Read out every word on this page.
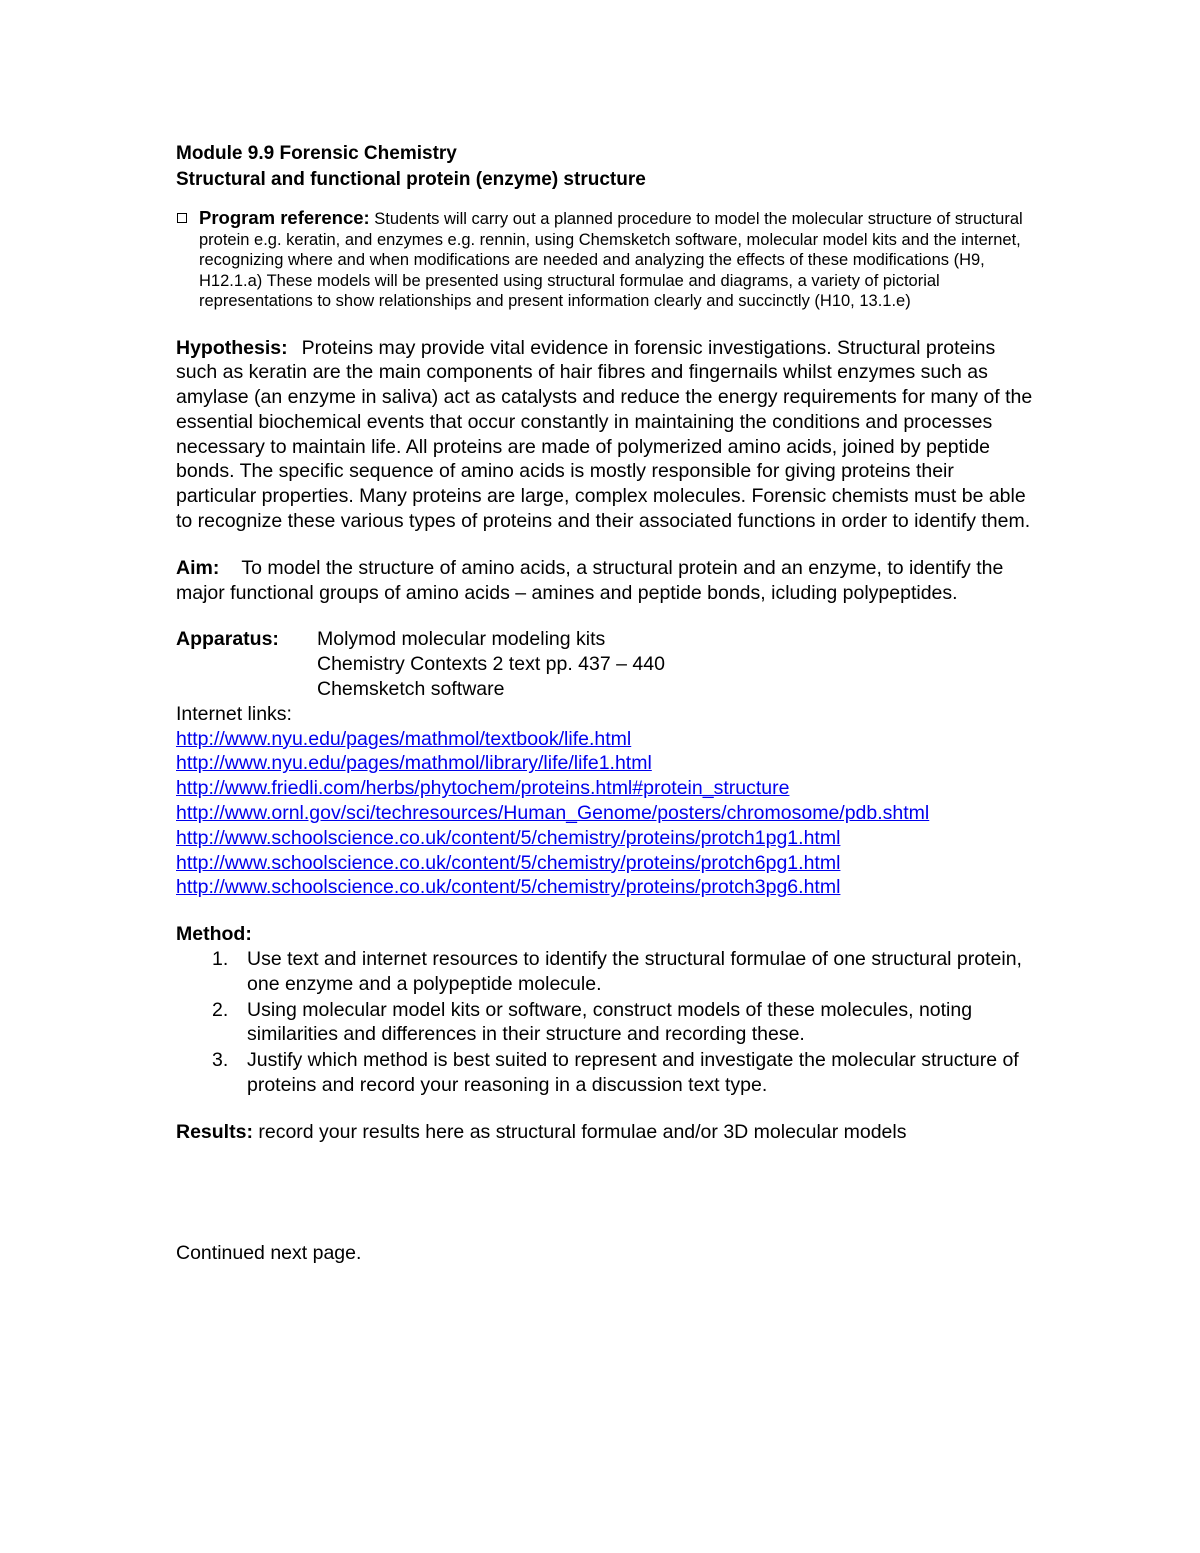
Module 9.9 Forensic Chemistry

Structural and functional protein (enzyme) structure

Program reference: Students will carry out a planned procedure to model the molecular structure of structural protein e.g. keratin, and enzymes e.g. rennin, using Chemsketch software, molecular model kits and the internet, recognizing where and when modifications are needed and analyzing the effects of these modifications (H9, H12.1.a) These models will be presented using structural formulae and diagrams, a variety of pictorial representations to show relationships and present information clearly and succinctly (H10, 13.1.e)
Hypothesis: Proteins may provide vital evidence in forensic investigations. Structural proteins such as keratin are the main components of hair fibres and fingernails whilst enzymes such as amylase (an enzyme in saliva) act as catalysts and reduce the energy requirements for many of the essential biochemical events that occur constantly in maintaining the conditions and processes necessary to maintain life. All proteins are made of polymerized amino acids, joined by peptide bonds. The specific sequence of amino acids is mostly responsible for giving proteins their particular properties. Many proteins are large, complex molecules. Forensic chemists must be able to recognize these various types of proteins and their associated functions in order to identify them.
Aim: To model the structure of amino acids, a structural protein and an enzyme, to identify the major functional groups of amino acids – amines and peptide bonds, icluding polypeptides.
Apparatus:	Molymod molecular modeling kits
Chemistry Contexts 2 text pp. 437 – 440
Chemsketch software
Internet links:
http://www.nyu.edu/pages/mathmol/textbook/life.html
http://www.nyu.edu/pages/mathmol/library/life/life1.html
http://www.friedli.com/herbs/phytochem/proteins.html#protein_structure
http://www.ornl.gov/sci/techresources/Human_Genome/posters/chromosome/pdb.shtml
http://www.schoolscience.co.uk/content/5/chemistry/proteins/protch1pg1.html
http://www.schoolscience.co.uk/content/5/chemistry/proteins/protch6pg1.html
http://www.schoolscience.co.uk/content/5/chemistry/proteins/protch3pg6.html
Method:
1. Use text and internet resources to identify the structural formulae of one structural protein, one enzyme and a polypeptide molecule.
2. Using molecular model kits or software, construct models of these molecules, noting similarities and differences in their structure and recording these.
3. Justify which method is best suited to represent and investigate the molecular structure of proteins and record your reasoning in a discussion text type.
Results: record your results here as structural formulae and/or 3D molecular models
Continued next page.
